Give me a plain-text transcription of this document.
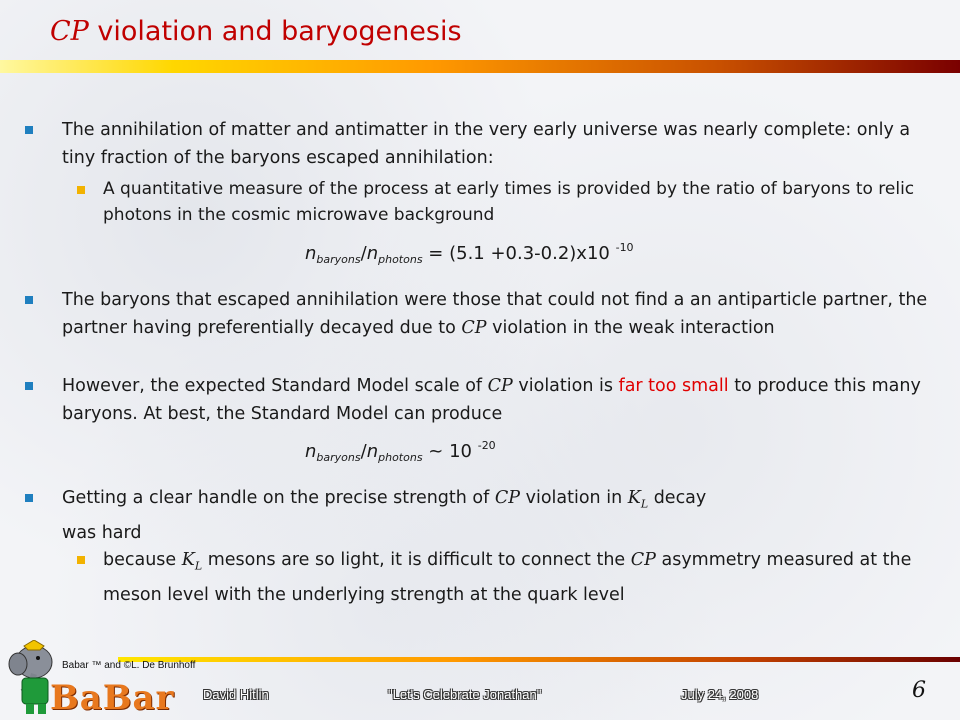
CP violation and baryogenesis
The annihilation of matter and antimatter in the very early universe was nearly complete: only a tiny fraction of the baryons escaped annihilation:
A quantitative measure of the process at early times is provided by the ratio of baryons to relic photons in the cosmic microwave background
$n_{baryons}/n_{photons} = (5.1 +0.3-0.2)x10$ $^{-10}$
The baryons that escaped annihilation were those that could not find a an antiparticle partner, the partner having preferentially decayed due to CP violation in the weak interaction
However, the expected Standard Model scale of CP violation is far too small to produce this many baryons. At best, the Standard Model can produce
$n_{baryons}/n_{photons}$ ~ 10 $^{-20}$
Getting a clear handle on the precise strength of CP violation in $K_L$ decay
was hard
because $K_L$ mesons are so light, it is difficult to connect the CP asymmetry measured at the meson level with the underlying strength at the quark level
Babar ™ and ©L. De Brunhoff
BaBar David Hitlin	"Let's Celebrate Jonathan"	July 24, 2008	6
